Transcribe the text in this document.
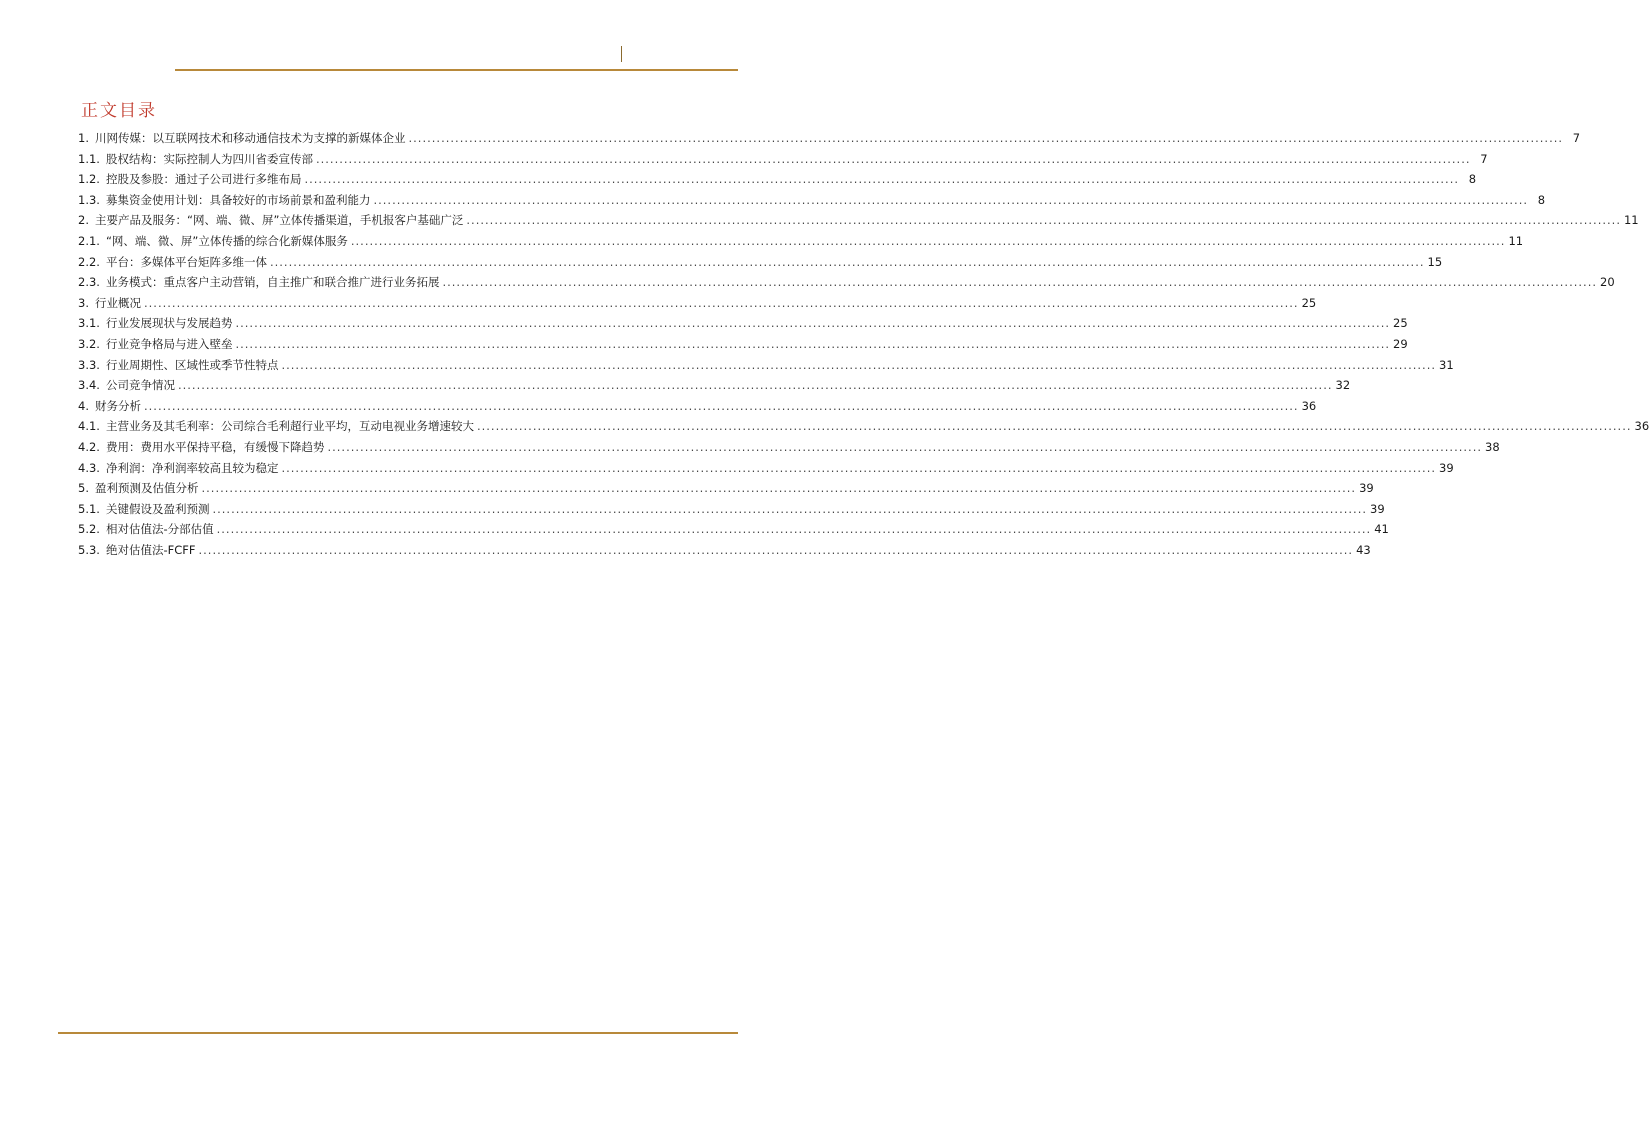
正文目录
1. 川网传媒：以互联网技术和移动通信技术为支撑的新媒体企业 .....	7
1.1. 股权结构：实际控制人为四川省委宣传部 .....	7
1.2. 控股及参股：通过子公司进行多维布局 .....	8
1.3. 募集资金使用计划：具备较好的市场前景和盈利能力 .....	8
2. 主要产品及服务：“网、端、微、屏”立体传播渠道，手机报客户基础广泛 .....	11
2.1. “网、端、微、屏”立体传播的综合化新媒体服务 .....	11
2.2. 平台：多媒体平台矩阵多维一体 .....	15
2.3. 业务模式：重点客户主动营销，自主推广和联合推广进行业务拓展 .....	20
3. 行业概况 .....	25
3.1. 行业发展现状与发展趋势 .....	25
3.2. 行业竞争格局与进入壁垒 .....	29
3.3. 行业周期性、区域性或季节性特点 .....	31
3.4. 公司竞争情况 .....	32
4. 财务分析 .....	36
4.1. 主营业务及其毛利率：公司综合毛利超行业平均，互动电视业务增速较大 .....	36
4.2. 费用：费用水平保持平稳，有缓慢下降趋势 .....	38
4.3. 净利润：净利润率较高且较为稳定 .....	39
5. 盈利预测及估值分析 .....	39
5.1. 关键假设及盈利预测 .....	39
5.2. 相对估值法-分部估值 .....	41
5.3. 绝对估值法-FCFF .....	43
